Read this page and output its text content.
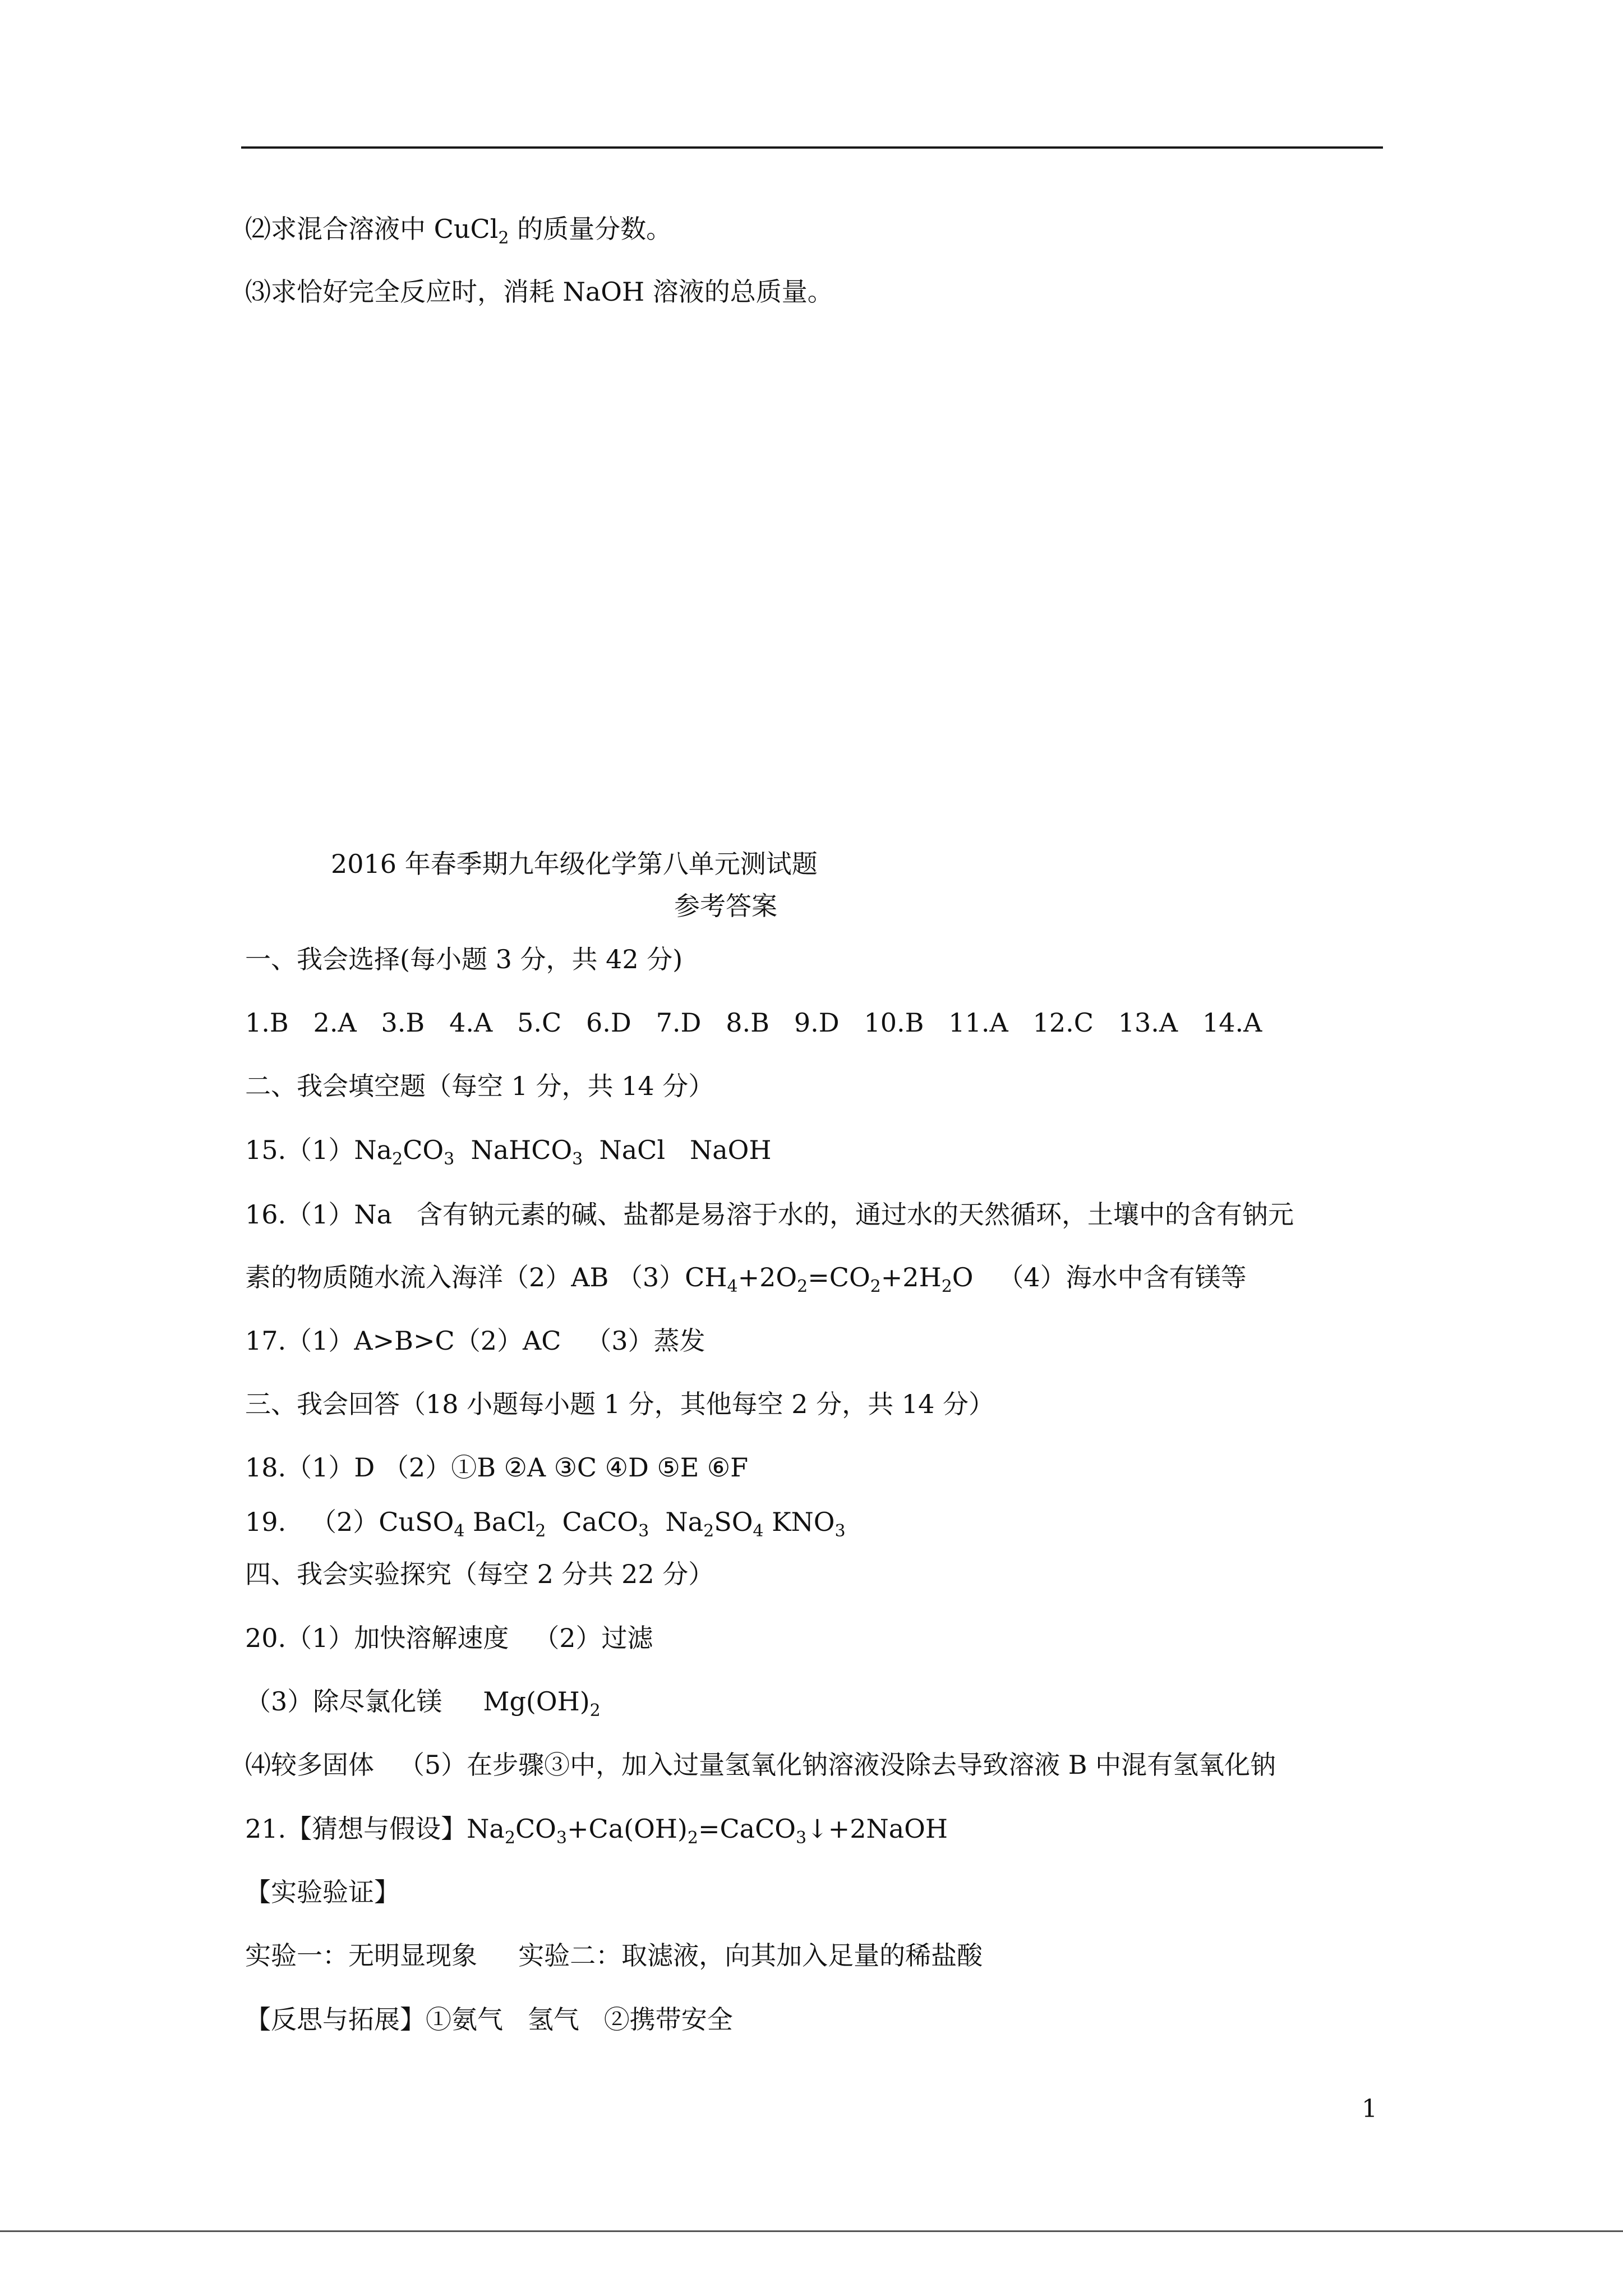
⑵求混合溶液中 CuCl$_2$ 的质量分数。

⑶求恰好完全反应时，消耗 NaOH 溶液的总质量。

2016 年春季期九年级化学第八单元测试题

参考答案

一、我会选择(每小题 3 分，共 42 分)

1.B   2.A   3.B   4.A   5.C   6.D   7.D   8.B   9.D   10.B   11.A   12.C   13.A   14.A

二、我会填空题（每空 1 分，共 14 分）

$15.(1)Na_2CO_3$  NaHCO$_3$  NaCl   NaOH

16.（1）Na   含有钠元素的碱、盐都是易溶于水的，通过水的天然循环，土壤中的含有钠元

素的物质随水流入海洋（2）AB $(3)CH_4+2O_2=CO_2+2H_2O$   （4）海水中含有镁等

17.（1）A>B>C（2）AC   （3）蒸发

三、我会回答（18 小题每小题 1 分，其他每空 2 分，共 14 分）

18.（1）D （2）①B ②A ③C ④D ⑤E ⑥F

19.   （2）CuSO$_4$ BaCl$_2$  CaCO$_3$  $Na_2SO_4$ $KNO_3$

四、我会实验探究（每空 2 分共 22 分）

20.（1）加快溶解速度   （2）过滤

（3）除尽氯化镁     $Mg(OH)_2$

⑷较多固体   （5）在步骤③中，加入过量氢氧化钠溶液没除去导致溶液 B 中混有氢氧化钠

21.【猜想与假设】$Na_2CO_3+Ca(OH)_2=CaCO_3↓+2NaOH$

【实验验证】

实验一：无明显现象     实验二：取滤液，向其加入足量的稀盐酸

【反思与拓展】①氨气   氢气   ②携带安全

1
